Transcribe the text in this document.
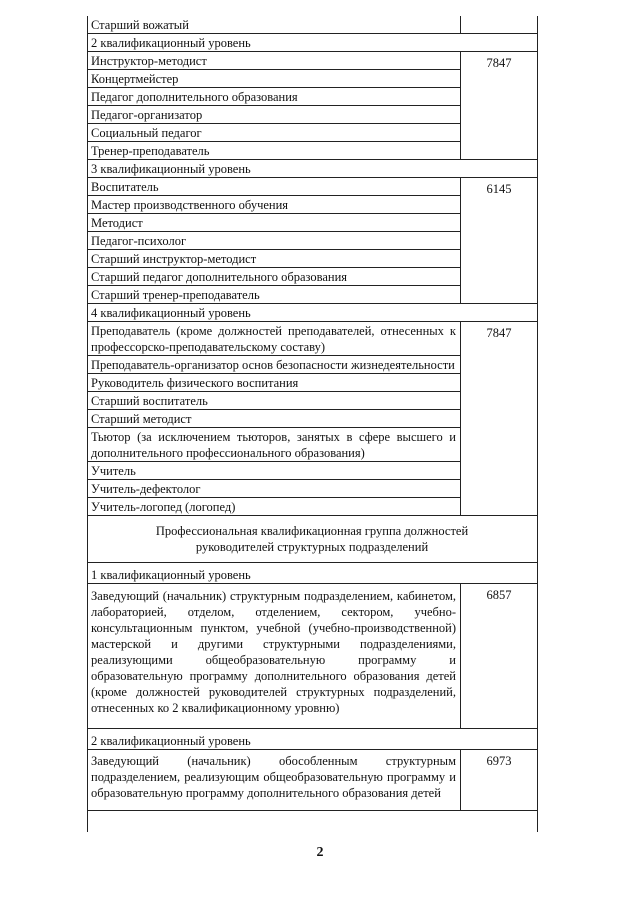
Старший вожатый
2 квалификационный уровень
Инструктор-методист
Концертмейстер
Педагог дополнительного образования
Педагог-организатор
Социальный педагог
Тренер-преподаватель
7847
3 квалификационный уровень
Воспитатель
Мастер производственного обучения
Методист
Педагог-психолог
Старший инструктор-методист
Старший педагог дополнительного образования
Старший тренер-преподаватель
6145
4 квалификационный уровень
Преподаватель (кроме должностей преподавателей, отнесенных к профессорско-преподавательскому составу)
Преподаватель-организатор основ безопасности жизнедеятельности
Руководитель физического воспитания
Старший воспитатель
Старший методист
Тьютор (за исключением тьюторов, занятых в сфере высшего и дополнительного профессионального образования)
Учитель
Учитель-дефектолог
Учитель-логопед (логопед)
7847
Профессиональная квалификационная группа должностей
руководителей структурных подразделений
1 квалификационный уровень
Заведующий (начальник) структурным подразделением, кабинетом, лабораторией, отделом, отделением, сектором, учебно-консультационным пунктом, учебной (учебно-производственной) мастерской и другими структурными подразделениями, реализующими общеобразовательную программу и образовательную программу дополнительного образования детей (кроме должностей руководителей структурных подразделений, отнесенных ко 2 квалификационному уровню)
6857
2 квалификационный уровень
Заведующий (начальник) обособленным структурным подразделением, реализующим общеобразовательную программу и образовательную программу дополнительного образования детей
6973
2
